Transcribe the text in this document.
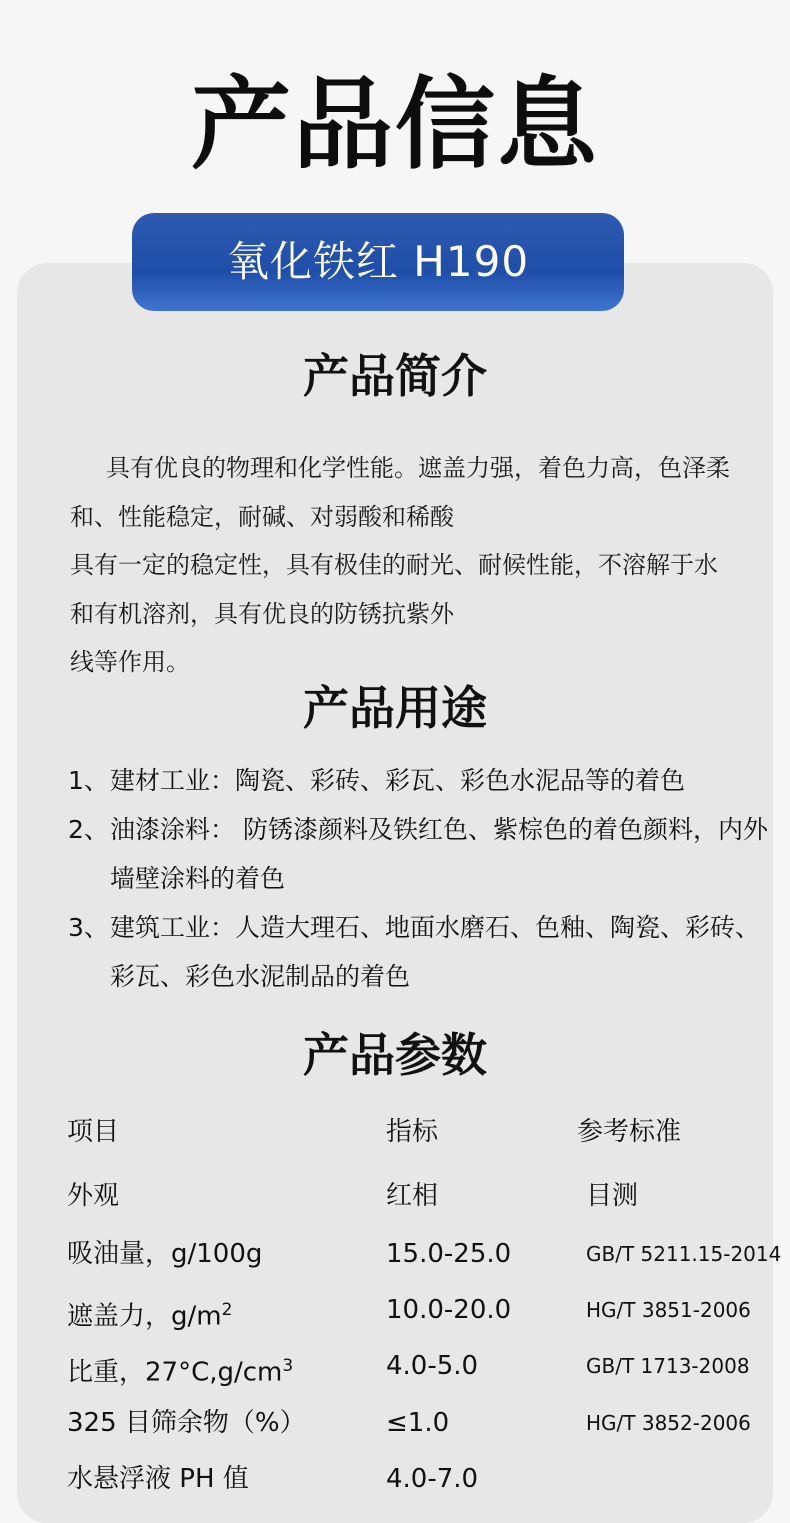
产品信息
氧化铁红 H190
产品简介

具有优良的物理和化学性能。遮盖力强，着色力高，色泽柔

和、性能稳定，耐碱、对弱酸和稀酸

具有一定的稳定性，具有极佳的耐光、耐候性能，不溶解于水

和有机溶剂，具有优良的防锈抗紫外

线等作用。

产品用途
1、 建材工业：陶瓷、彩砖、彩瓦、彩色水泥品等的着色
2、 油漆涂料： 防锈漆颜料及铁红色、紫棕色的着色颜料，内外墙壁涂料的着色
3、 建筑工业：人造大理石、地面水磨石、色釉、陶瓷、彩砖、彩瓦、彩色水泥制品的着色
产品参数
项目	指标	参考标准
外观	红相	目测
吸油量，g/100g	15.0-25.0	GB/T 5211.15-2014
遮盖力，$g/m^2$	10.0-20.0	HG/T 3851-2006
比重，$27^\circ C,g/cm^3$	4.0-5.0	GB/T 1713-2008
325 目筛余物（%）	≤1.0	HG/T 3852-2006
水悬浮液 PH 值	4.0-7.0
